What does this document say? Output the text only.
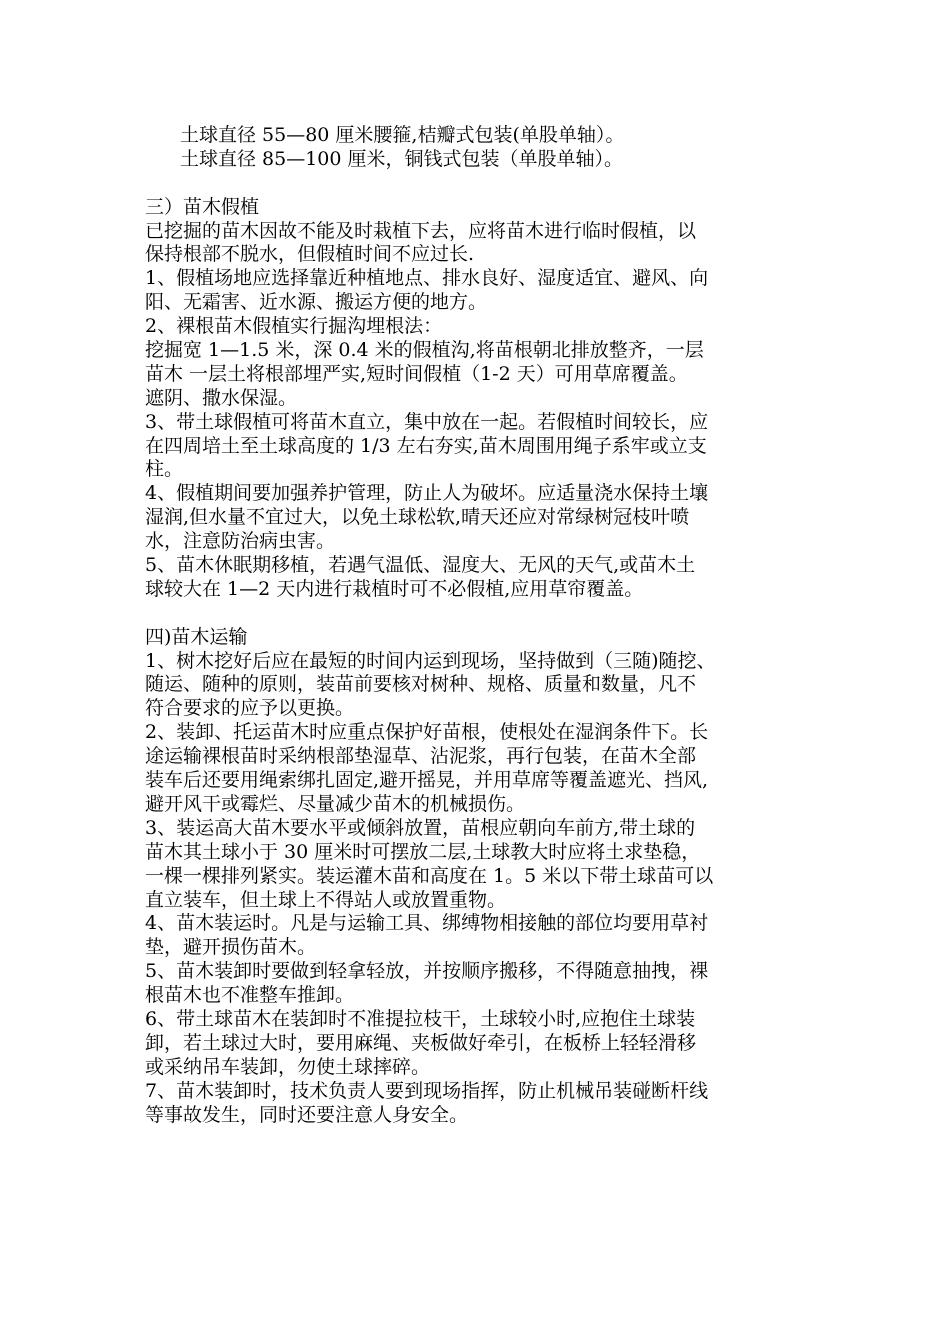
土球直径 55—80 厘米腰箍,桔瓣式包装(单股单轴）。
土球直径 85—100 厘米，铜钱式包装（单股单轴）。
三）苗木假植
已挖掘的苗木因故不能及时栽植下去，应将苗木进行临时假植，以
保持根部不脱水，但假植时间不应过长.
1、假植场地应选择靠近种植地点、排水良好、湿度适宜、避风、向
阳、无霜害、近水源、搬运方便的地方。
2、裸根苗木假植实行掘沟埋根法：
挖掘宽 1—1.5 米，深 0.4 米的假植沟,将苗根朝北排放整齐，一层
苗木 一层土将根部埋严实,短时间假植（1-2 天）可用草席覆盖。
遮阴、撒水保湿。
3、带土球假植可将苗木直立，集中放在一起。若假植时间较长，应
在四周培土至土球高度的 1/3 左右夯实,苗木周围用绳子系牢或立支
柱。
4、假植期间要加强养护管理，防止人为破坏。应适量浇水保持土壤
湿润,但水量不宜过大，以免土球松软,晴天还应对常绿树冠枝叶喷
水，注意防治病虫害。
5、苗木休眠期移植，若遇气温低、湿度大、无风的天气,或苗木土
球较大在 1—2 天内进行栽植时可不必假植,应用草帘覆盖。
四)苗木运输
1、树木挖好后应在最短的时间内运到现场，坚持做到（三随)随挖、
随运、随种的原则，装苗前要核对树种、规格、质量和数量，凡不
符合要求的应予以更换。
2、装卸、托运苗木时应重点保护好苗根，使根处在湿润条件下。长
途运输裸根苗时采纳根部垫湿草、沾泥浆，再行包装，在苗木全部
装车后还要用绳索绑扎固定,避开摇晃，并用草席等覆盖遮光、挡风,
避开风干或霉烂、尽量减少苗木的机械损伤。
3、装运高大苗木要水平或倾斜放置，苗根应朝向车前方,带土球的
苗木其土球小于 30 厘米时可摆放二层,土球教大时应将土求垫稳，
一棵一棵排列紧实。装运灌木苗和高度在 1。5 米以下带土球苗可以
直立装车，但土球上不得站人或放置重物。
4、苗木装运时。凡是与运输工具、绑缚物相接触的部位均要用草衬
垫，避开损伤苗木。
5、苗木装卸时要做到轻拿轻放，并按顺序搬移，不得随意抽拽，裸
根苗木也不准整车推卸。
6、带土球苗木在装卸时不准提拉枝干，土球较小时,应抱住土球装
卸，若土球过大时，要用麻绳、夹板做好牵引，在板桥上轻轻滑移
或采纳吊车装卸，勿使土球摔碎。
7、苗木装卸时，技术负责人要到现场指挥，防止机械吊装碰断杆线
等事故发生，同时还要注意人身安全。
